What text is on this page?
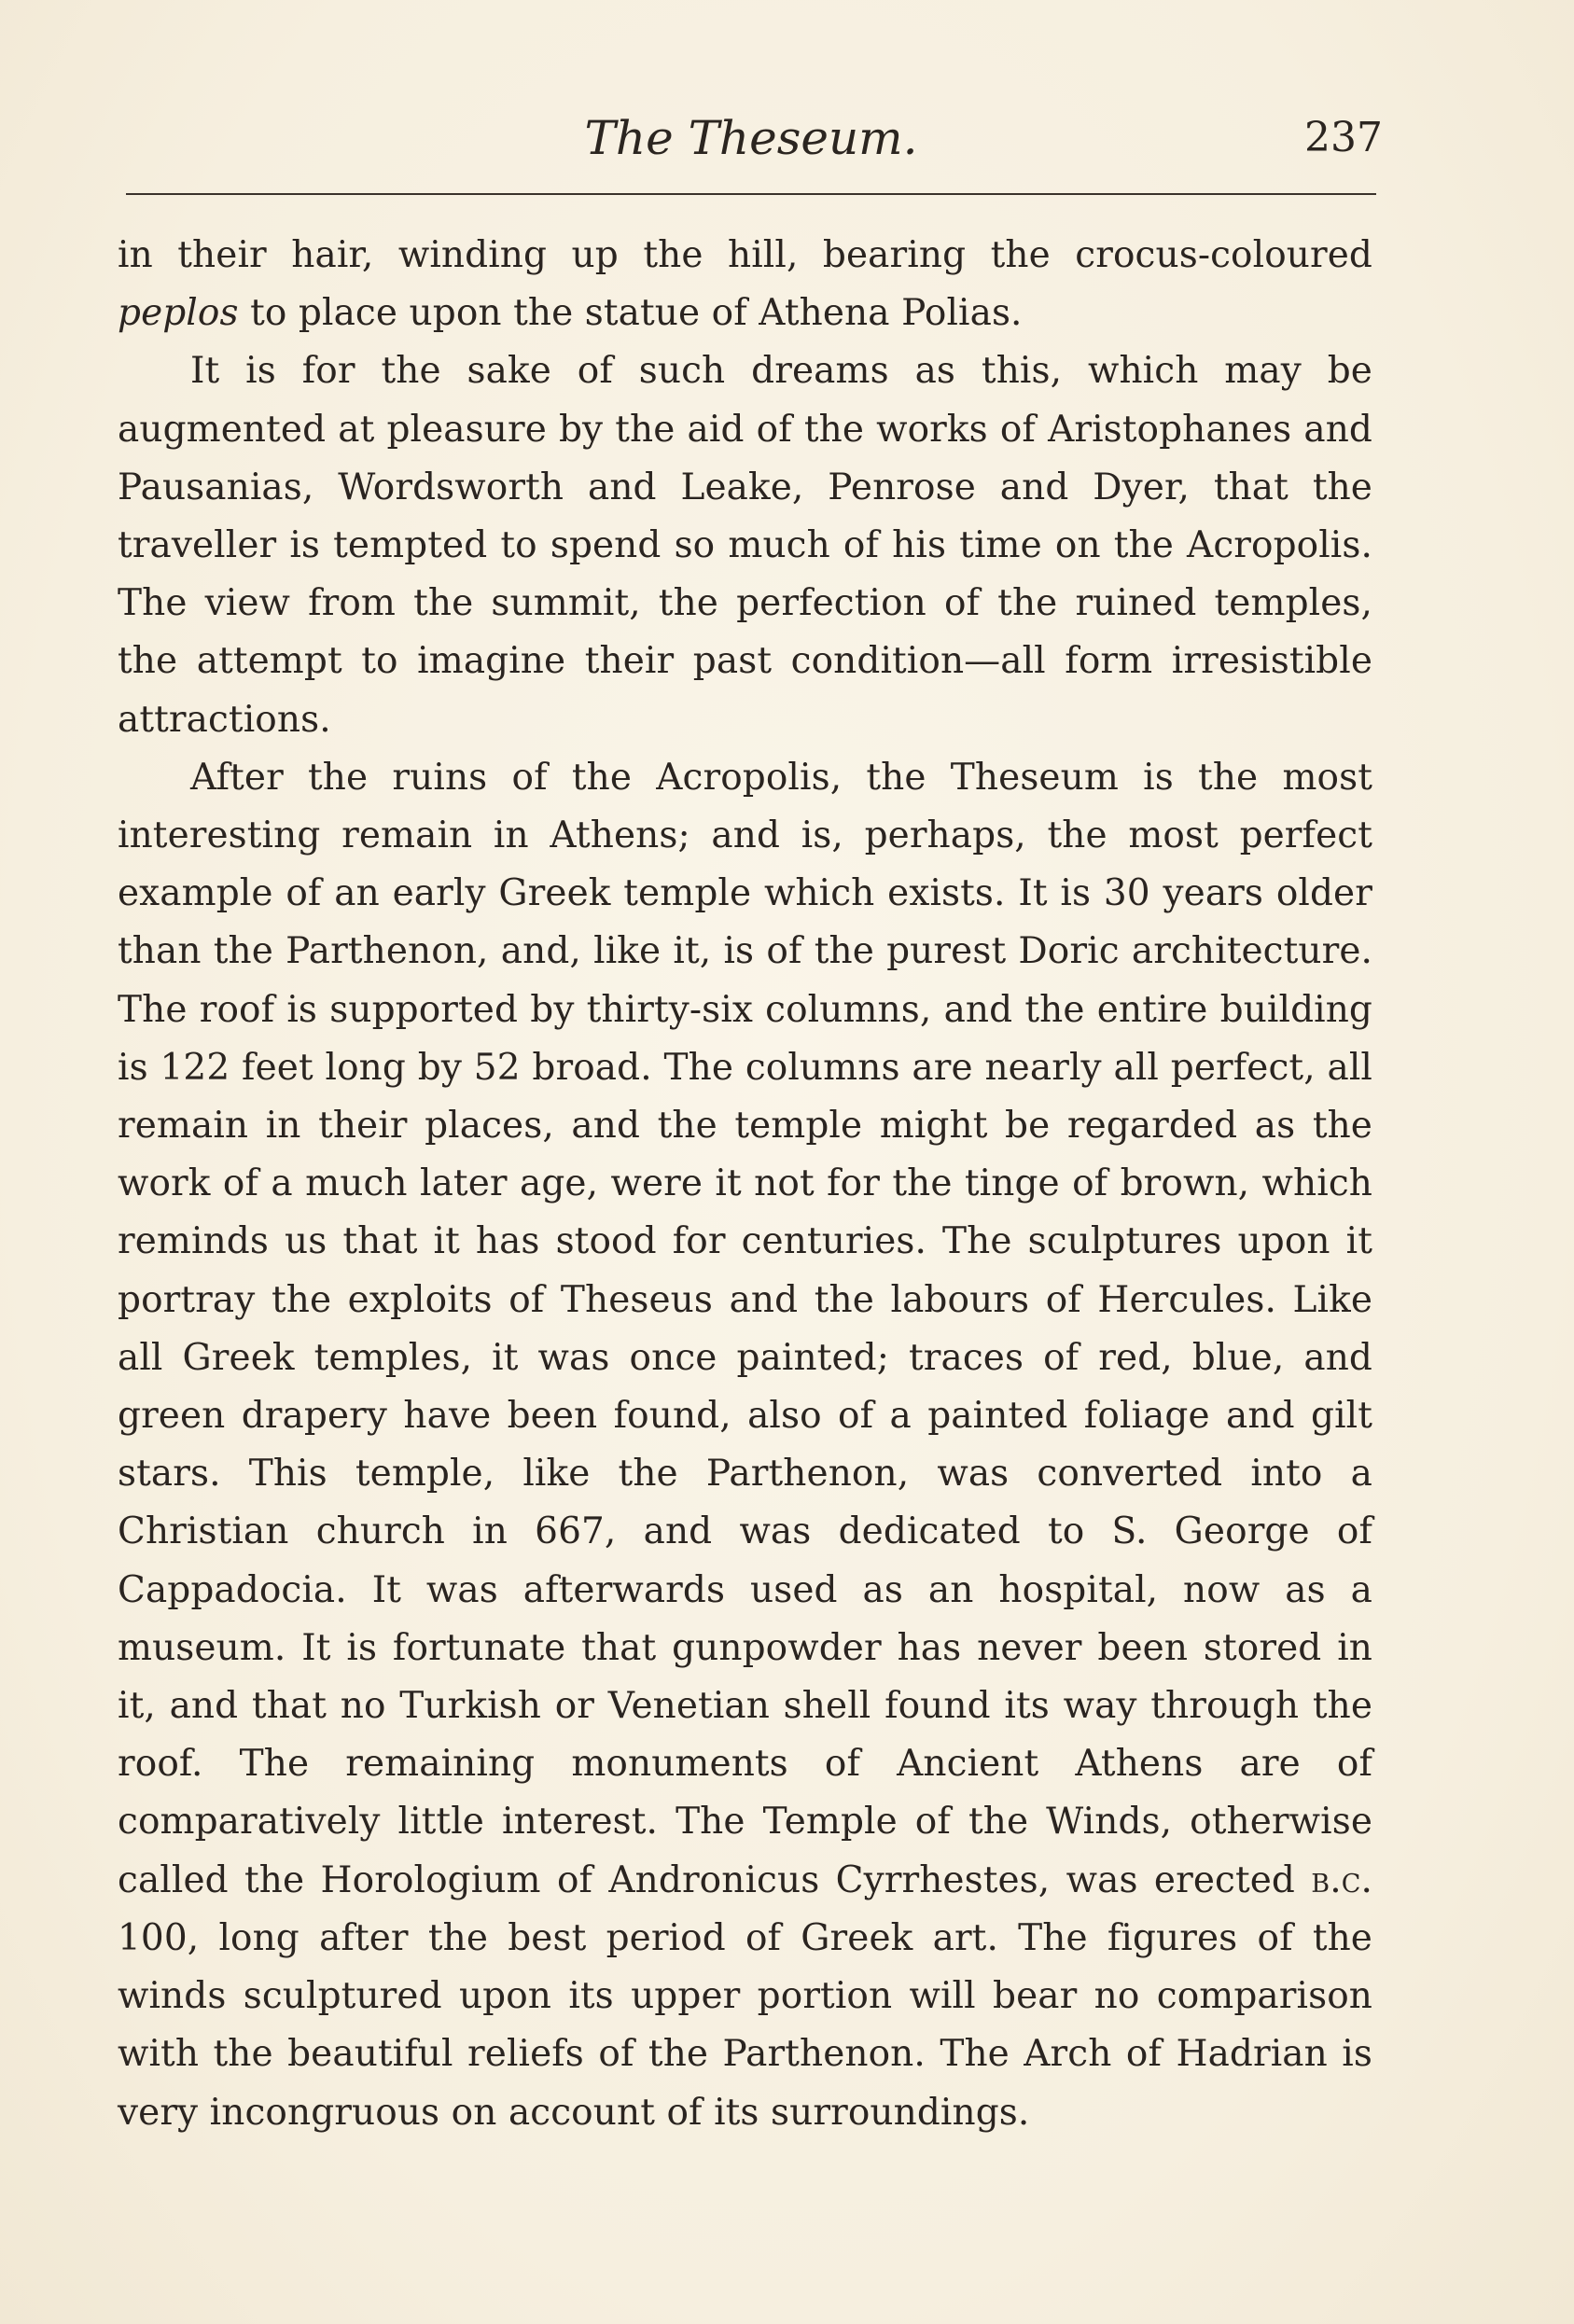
The Theseum.	237

in their hair, winding up the hill, bearing the crocus-coloured peplos to place upon the statue of Athena Polias.

It is for the sake of such dreams as this, which may be augmented at pleasure by the aid of the works of Aristophanes and Pausanias, Wordsworth and Leake, Penrose and Dyer, that the traveller is tempted to spend so much of his time on the Acropolis. The view from the summit, the perfection of the ruined temples, the attempt to imagine their past condition—all form irresistible attractions.

After the ruins of the Acropolis, the Theseum is the most interesting remain in Athens; and is, perhaps, the most perfect example of an early Greek temple which exists. It is 30 years older than the Parthenon, and, like it, is of the purest Doric architecture. The roof is supported by thirty-six columns, and the entire building is 122 feet long by 52 broad. The columns are nearly all perfect, all remain in their places, and the temple might be regarded as the work of a much later age, were it not for the tinge of brown, which reminds us that it has stood for centuries. The sculptures upon it portray the exploits of Theseus and the labours of Hercules. Like all Greek temples, it was once painted; traces of red, blue, and green drapery have been found, also of a painted foliage and gilt stars. This temple, like the Parthenon, was converted into a Christian church in 667, and was dedicated to S. George of Cappadocia. It was afterwards used as an hospital, now as a museum. It is fortunate that gunpowder has never been stored in it, and that no Turkish or Venetian shell found its way through the roof. The remaining monuments of Ancient Athens are of comparatively little interest. The Temple of the Winds, otherwise called the Horologium of Andronicus Cyrrhestes, was erected b.c. 100, long after the best period of Greek art. The figures of the winds sculptured upon its upper portion will bear no comparison with the beautiful reliefs of the Parthenon. The Arch of Hadrian is very incongruous on account of its surroundings.
